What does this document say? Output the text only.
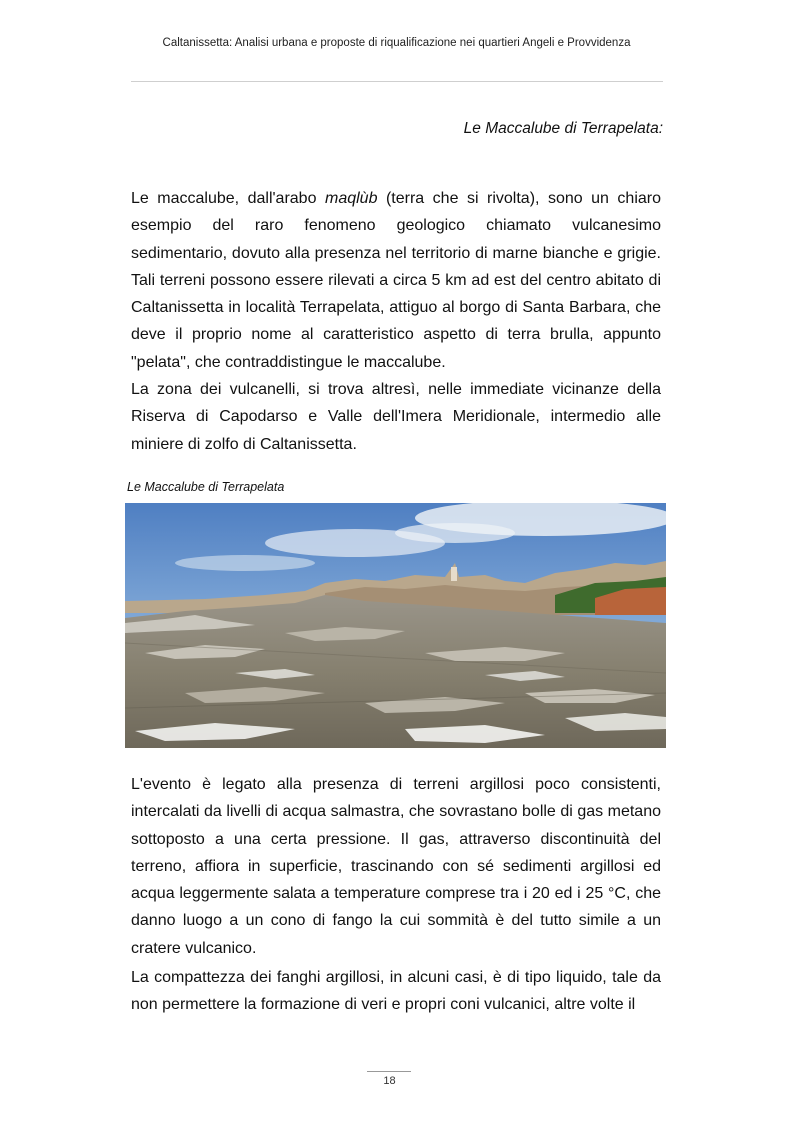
Caltanissetta: Analisi urbana e proposte di riqualificazione nei quartieri Angeli e Provvidenza
Le Maccalube di Terrapelata:
Le maccalube, dall'arabo maqlùb (terra che si rivolta), sono un chiaro esempio del raro fenomeno geologico chiamato vulcanesimo sedimentario, dovuto alla presenza nel territorio di marne bianche e grigie. Tali terreni possono essere rilevati a circa 5 km ad est del centro abitato di Caltanissetta in località Terrapelata, attiguo al borgo di Santa Barbara, che deve il proprio nome al caratteristico aspetto di terra brulla, appunto "pelata", che contraddistingue le maccalube.
La zona dei vulcanelli, si trova altresì, nelle immediate vicinanze della Riserva di Capodarso e Valle dell'Imera Meridionale, intermedio alle miniere di zolfo di Caltanissetta.
Le Maccalube di Terrapelata
L'evento è legato alla presenza di terreni argillosi poco consistenti, intercalati da livelli di acqua salmastra, che sovrastano bolle di gas metano sottoposto a una certa pressione. Il gas, attraverso discontinuità del terreno, affiora in superficie, trascinando con sé sedimenti argillosi ed acqua leggermente salata a temperature comprese tra i 20 ed i 25 °C, che danno luogo a un cono di fango la cui sommità è del tutto simile a un cratere vulcanico.
La compattezza dei fanghi argillosi, in alcuni casi, è di tipo liquido, tale da non permettere la formazione di veri e propri coni vulcanici, altre volte il
18
